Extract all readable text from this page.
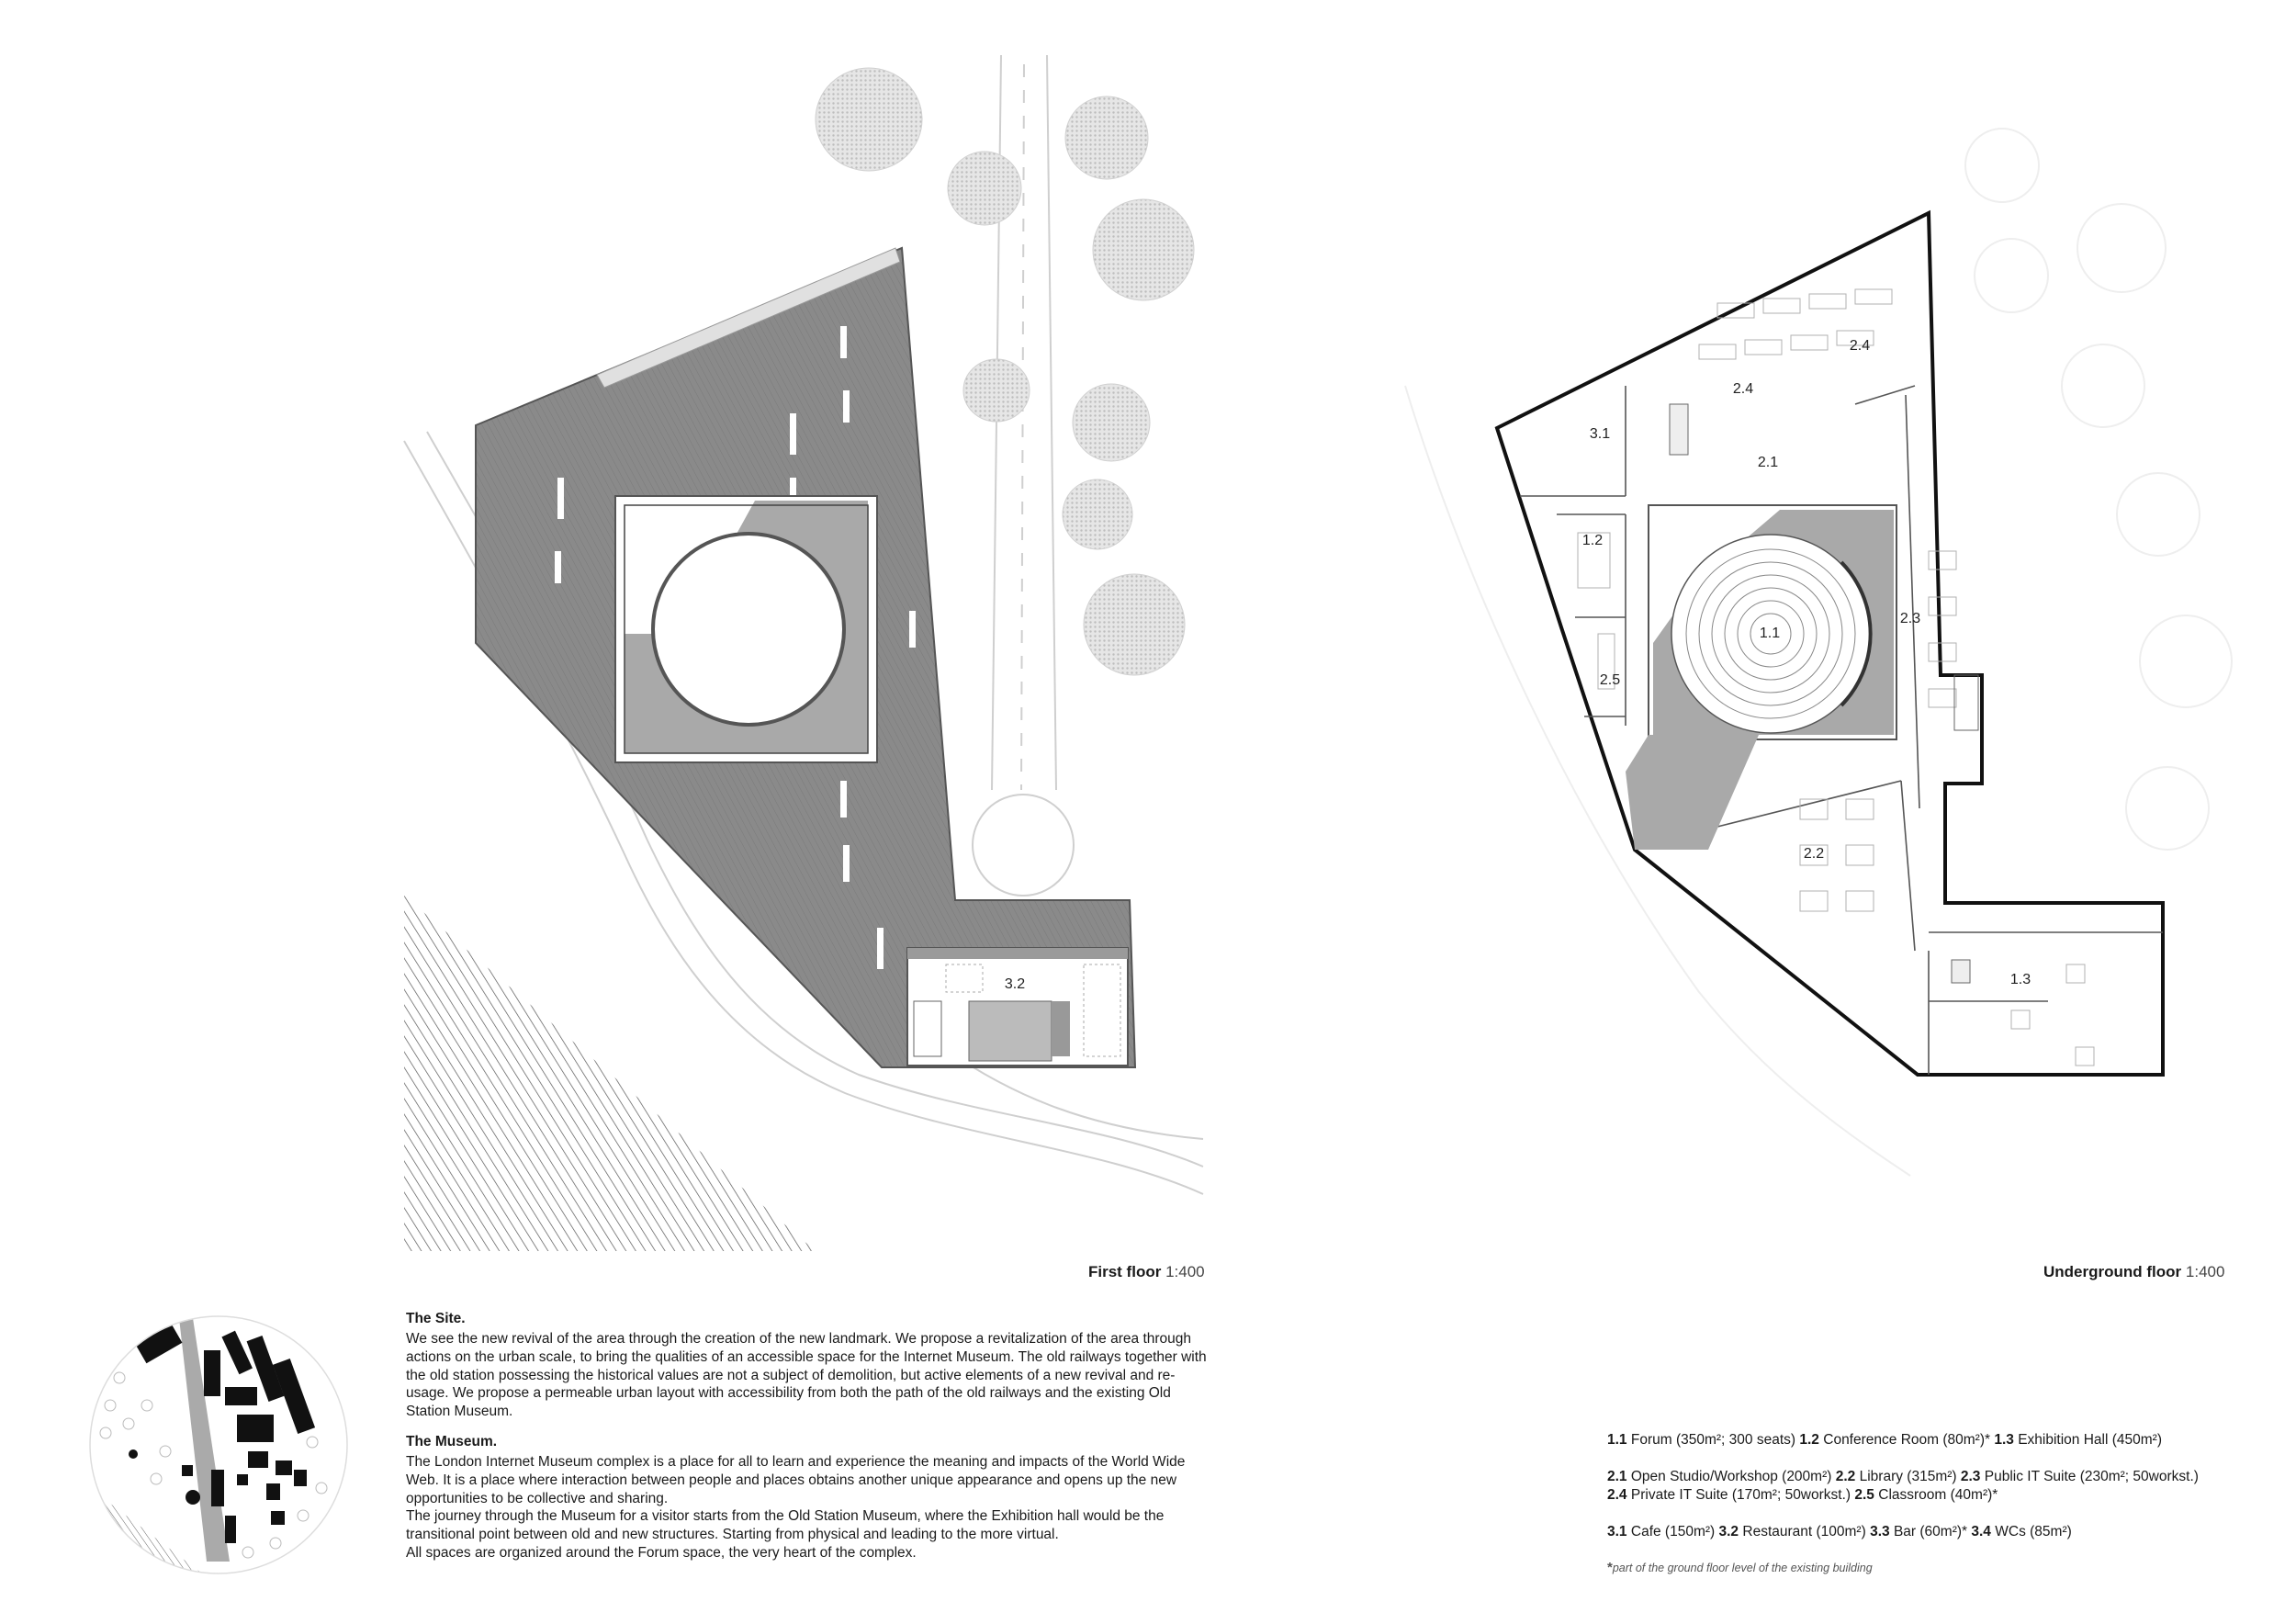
3.2
First floor 1:400
2.4
2.4
3.1
2.1
1.2
1.1
2.3
2.5
2.2
1.3
Underground floor 1:400

The Site.

We see the new revival of the area through the creation of the new landmark. We propose a revitalization of the area through actions on the urban scale, to bring the qualities of an accessible space for the Internet Museum. The old railways together with the old station possessing the historical values are not a subject of demolition, but active elements of a new revival and re-usage. We propose a permeable urban layout with accessibility from both the path of the old railways and the existing Old Station Museum.

The Museum.

The London Internet Museum complex is a place for all to learn and experience the meaning and impacts of the World Wide Web. It is a place where interaction between people and places obtains another unique appearance and opens up the new opportunities to be collective and sharing.
The journey through the Museum for a visitor starts from the Old Station Museum, where the Exhibition hall would be the transitional point between old and new structures. Starting from physical and leading to the more virtual.
All spaces are organized around the Forum space, the very heart of the complex.

1.1 Forum (350m²; 300 seats) 1.2 Conference Room (80m²)* 1.3 Exhibition Hall (450m²)
2.1 Open Studio/Workshop (200m²) 2.2 Library (315m²) 2.3 Public IT Suite (230m²; 50workst.)
2.4 Private IT Suite (170m²; 50workst.) 2.5 Classroom (40m²)*
3.1 Cafe (150m²) 3.2 Restaurant (100m²) 3.3 Bar (60m²)* 3.4 WCs (85m²)
*part of the ground floor level of the existing building
